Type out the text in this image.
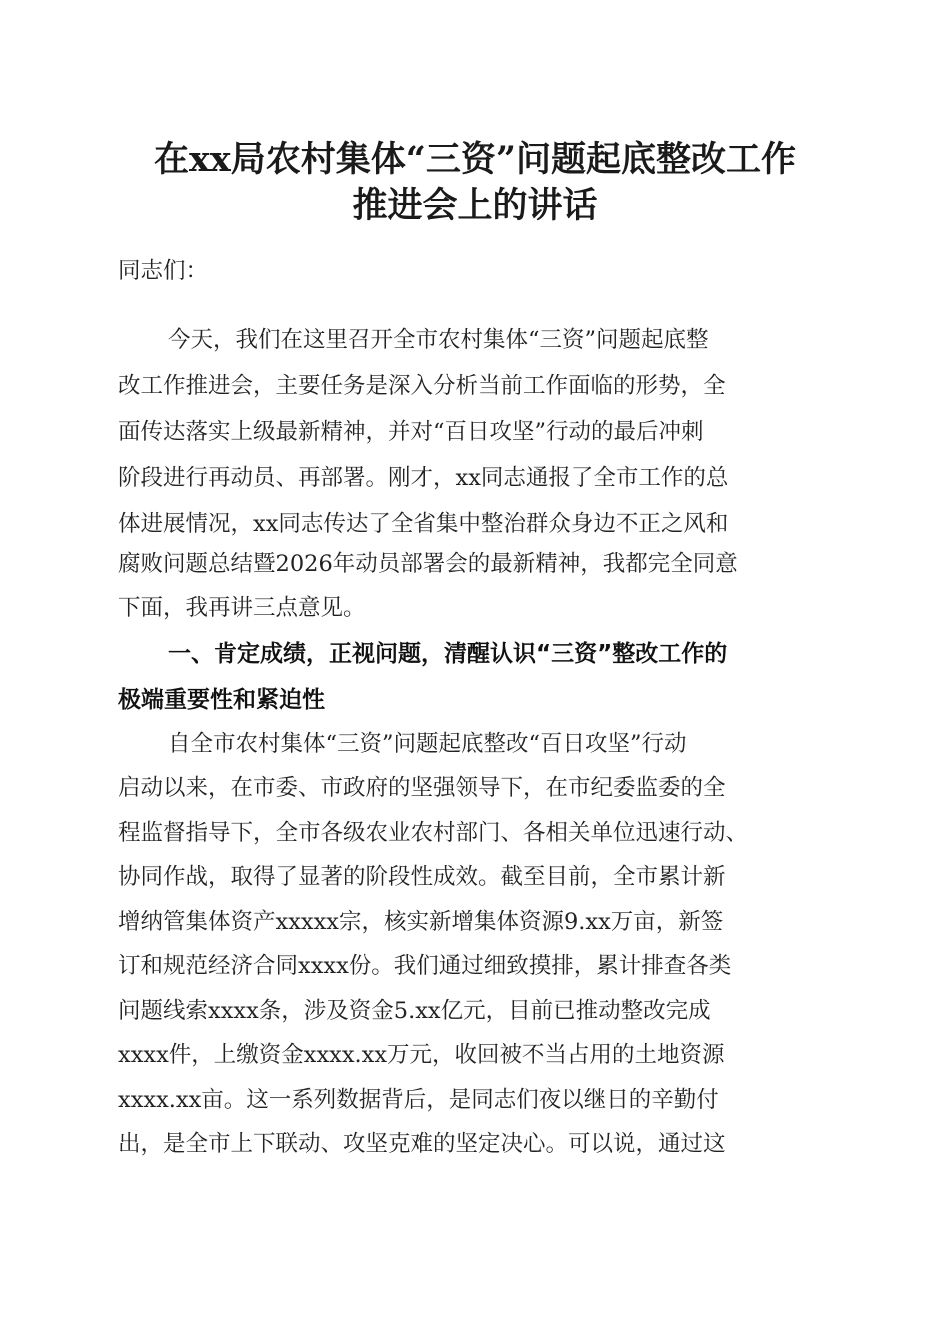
在xx局农村集体“三资”问题起底整改工作
推进会上的讲话
同志们：
今天，我们在这里召开全市农村集体“三资”问题起底整
改工作推进会，主要任务是深入分析当前工作面临的形势，全
面传达落实上级最新精神，并对“百日攻坚”行动的最后冲刺
阶段进行再动员、再部署。刚才，xx同志通报了全市工作的总
体进展情况，xx同志传达了全省集中整治群众身边不正之风和
腐败问题总结暨2026年动员部署会的最新精神，我都完全同意
下面，我再讲三点意见。
一、肯定成绩，正视问题，清醒认识“三资”整改工作的
极端重要性和紧迫性
自全市农村集体“三资”问题起底整改“百日攻坚”行动
启动以来，在市委、市政府的坚强领导下，在市纪委监委的全
程监督指导下，全市各级农业农村部门、各相关单位迅速行动、
协同作战，取得了显著的阶段性成效。截至目前，全市累计新
增纳管集体资产xxxxx宗，核实新增集体资源9.xx万亩，新签
订和规范经济合同xxxx份。我们通过细致摸排，累计排查各类
问题线索xxxx条，涉及资金5.xx亿元，目前已推动整改完成
xxxx件，上缴资金xxxx.xx万元，收回被不当占用的土地资源
xxxx.xx亩。这一系列数据背后，是同志们夜以继日的辛勤付
出，是全市上下联动、攻坚克难的坚定决心。可以说，通过这
